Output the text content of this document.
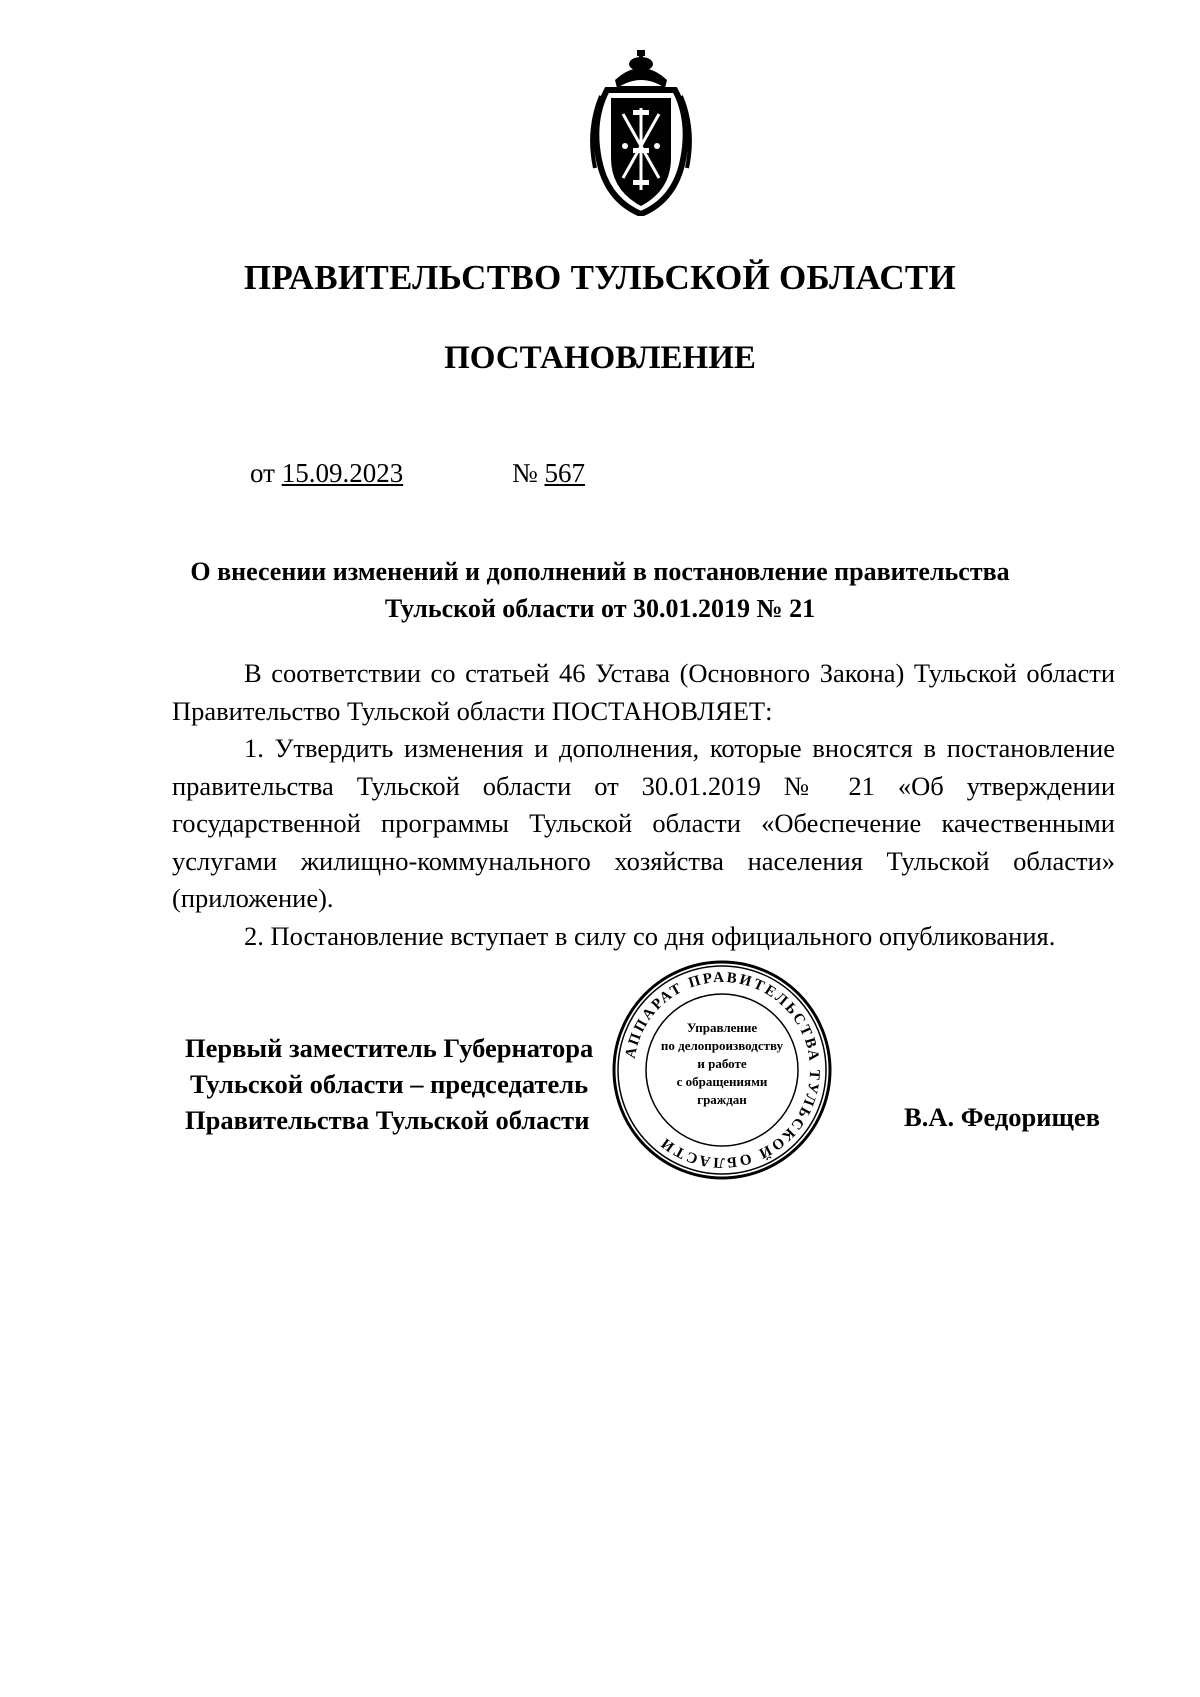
ПРАВИТЕЛЬСТВО ТУЛЬСКОЙ ОБЛАСТИ
ПОСТАНОВЛЕНИЕ
от 15.09.2023	№ 567
О внесении изменений и дополнений в постановление правительства
Тульской области от 30.01.2019 № 21

В соответствии со статьей 46 Устава (Основного Закона) Тульской области Правительство Тульской области ПОСТАНОВЛЯЕТ:

1. Утвердить изменения и дополнения, которые вносятся в постановление правительства Тульской области от 30.01.2019 № 21 «Об утверждении государственной программы Тульской области «Обеспечение качественными услугами жилищно-коммунального хозяйства населения Тульской области» (приложение).

2. Постановление вступает в силу со дня официального опубликования.

Первый заместитель Губернатора
Тульской области – председатель
Правительства Тульской области	В.А. Федорищев
АППАРАТ ПРАВИТЕЛЬСТВА ТУЛЬСКОЙ ОБЛАСТИ
Управление
по делопроизводству
и работе
с обращениями
граждан
